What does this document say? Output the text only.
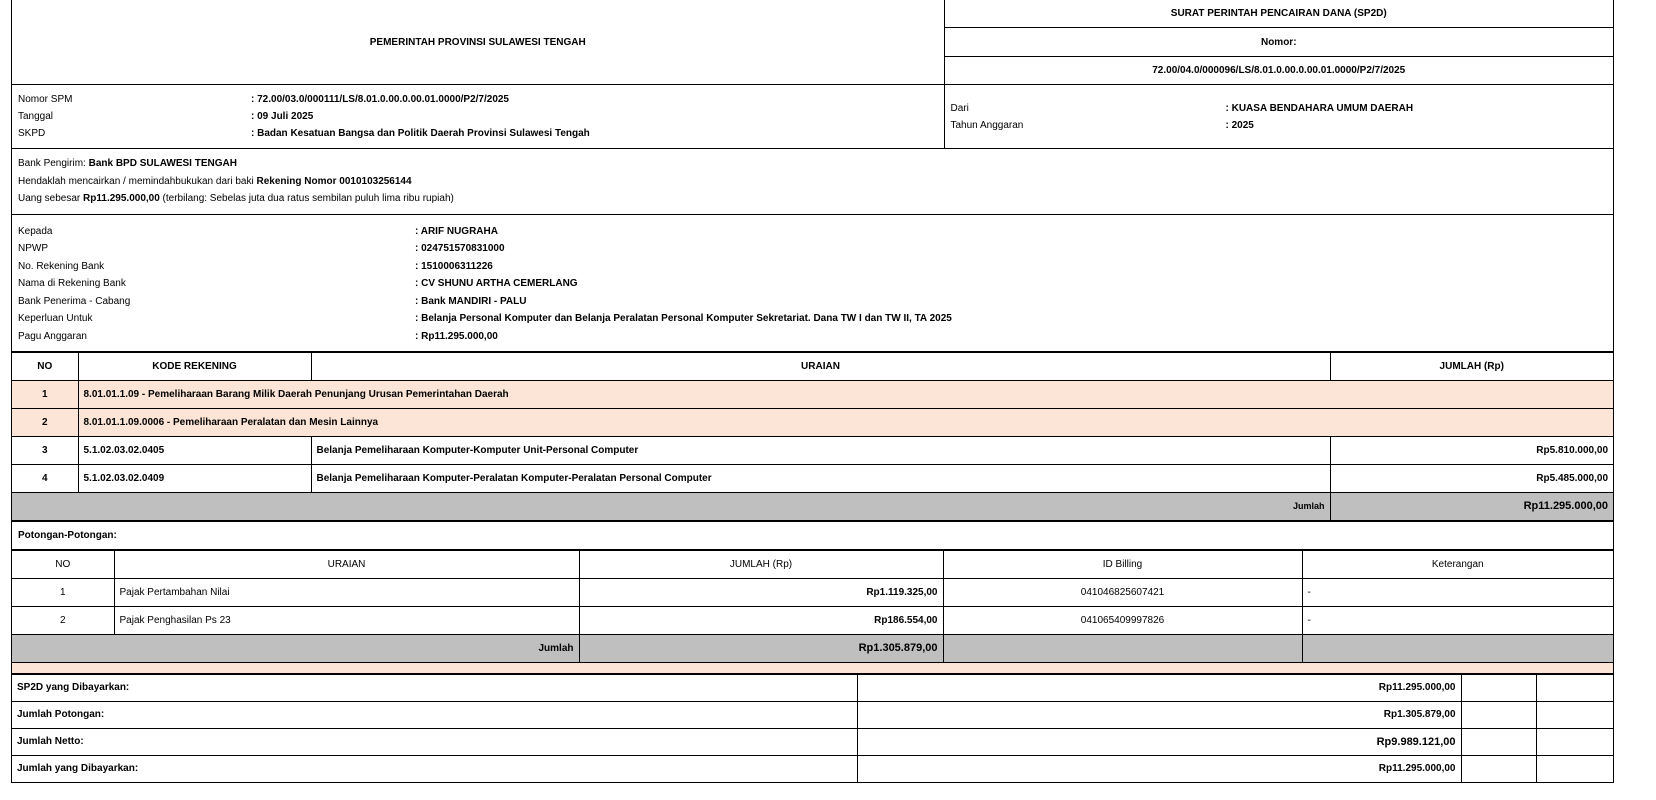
PEMERINTAH PROVINSI SULAWESI TENGAH	SURAT PERINTAH PENCAIRAN DANA (SP2D)
Nomor:
72.00/04.0/000096/LS/8.01.0.00.0.00.01.0000/P2/7/2025
Nomor SPM	: 72.00/03.0/000111/LS/8.01.0.00.0.00.01.0000/P2/7/2025
Tanggal	: 09 Juli 2025
SKPD	: Badan Kesatuan Bangsa dan Politik Daerah Provinsi Sulawesi Tengah

Dari	: KUASA BENDAHARA UMUM DAERAH
Tahun Anggaran	: 2025
Bank Pengirim: Bank BPD SULAWESI TENGAH
Hendaklah mencairkan / memindahbukukan dari baki Rekening Nomor 0010103256144
Uang sebesar Rp11.295.000,00 (terbilang: Sebelas juta dua ratus sembilan puluh lima ribu rupiah)
Kepada	: ARIF NUGRAHA
NPWP	: 024751570831000
No. Rekening Bank	: 1510006311226
Nama di Rekening Bank	: CV SHUNU ARTHA CEMERLANG
Bank Penerima - Cabang	: Bank MANDIRI - PALU
Keperluan Untuk	: Belanja Personal Komputer dan Belanja Peralatan Personal Komputer Sekretariat. Dana TW I dan TW II, TA 2025
Pagu Anggaran	: Rp11.295.000,00
NO	KODE REKENING	URAIAN	JUMLAH (Rp)
1	8.01.01.1.09 - Pemeliharaan Barang Milik Daerah Penunjang Urusan Pemerintahan Daerah		
2	8.01.01.1.09.0006 - Pemeliharaan Peralatan dan Mesin Lainnya		
3	5.1.02.03.02.0405	Belanja Pemeliharaan Komputer-Komputer Unit-Personal Computer	Rp5.810.000,00
4	5.1.02.03.02.0409	Belanja Pemeliharaan Komputer-Peralatan Komputer-Peralatan Personal Computer	Rp5.485.000,00
Jumlah			Rp11.295.000,00
Potongan-Potongan:
NO	URAIAN	JUMLAH (Rp)	ID Billing	Keterangan
1	Pajak Pertambahan Nilai	Rp1.119.325,00	041046825607421	-
2	Pajak Penghasilan Ps 23	Rp186.554,00	041065409997826	-
Jumlah		Rp1.305.879,00		
SP2D yang Dibayarkan:	Rp11.295.000,00		
Jumlah Potongan:	Rp1.305.879,00		
Jumlah Netto:	Rp9.989.121,00		
Jumlah yang Dibayarkan:	Rp11.295.000,00		
